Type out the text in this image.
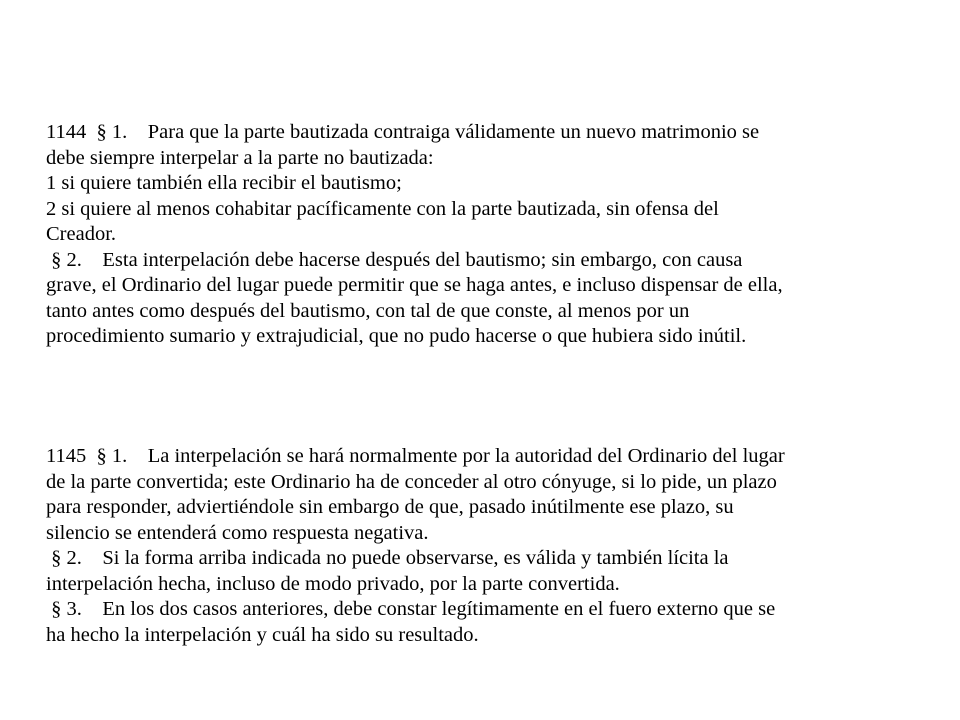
1144  § 1.    Para que la parte bautizada contraiga válidamente un nuevo matrimonio se
debe siempre interpelar a la parte no bautizada:
1 si quiere también ella recibir el bautismo;
2 si quiere al menos cohabitar pacíficamente con la parte bautizada, sin ofensa del
Creador.
§ 2.    Esta interpelación debe hacerse después del bautismo; sin embargo, con causa
grave, el Ordinario del lugar puede permitir que se haga antes, e incluso dispensar de ella,
tanto antes como después del bautismo, con tal de que conste, al menos por un
procedimiento sumario y extrajudicial, que no pudo hacerse o que hubiera sido inútil.
1145  § 1.    La interpelación se hará normalmente por la autoridad del Ordinario del lugar
de la parte convertida; este Ordinario ha de conceder al otro cónyuge, si lo pide, un plazo
para responder, adviertiéndole sin embargo de que, pasado inútilmente ese plazo, su
silencio se entenderá como respuesta negativa.
§ 2.    Si la forma arriba indicada no puede observarse, es válida y también lícita la
interpelación hecha, incluso de modo privado, por la parte convertida.
§ 3.    En los dos casos anteriores, debe constar legítimamente en el fuero externo que se
ha hecho la interpelación y cuál ha sido su resultado.
